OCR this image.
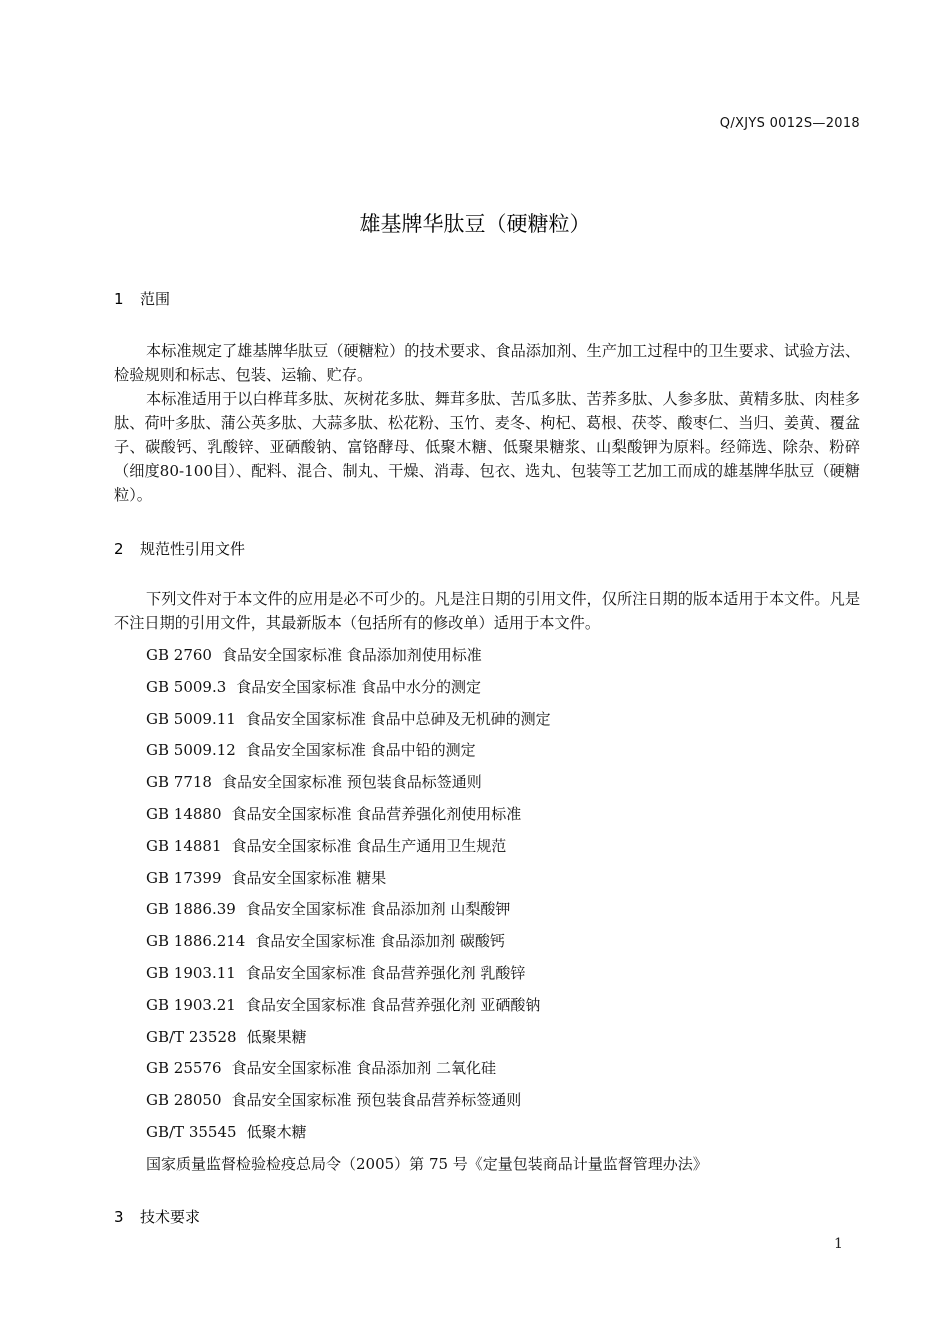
Q/XJYS 0012S—2018
雄基牌华肽豆（硬糖粒）
1 范围

本标准规定了雄基牌华肽豆（硬糖粒）的技术要求、食品添加剂、生产加工过程中的卫生要求、试验方法、检验规则和标志、包装、运输、贮存。

本标准适用于以白桦茸多肽、灰树花多肽、舞茸多肽、苦瓜多肽、苦荞多肽、人参多肽、黄精多肽、肉桂多肽、荷叶多肽、蒲公英多肽、大蒜多肽、松花粉、玉竹、麦冬、枸杞、葛根、茯苓、酸枣仁、当归、姜黄、覆盆子、碳酸钙、乳酸锌、亚硒酸钠、富铬酵母、低聚木糖、低聚果糖浆、山梨酸钾为原料。经筛选、除杂、粉碎（细度80-100目）、配料、混合、制丸、干燥、消毒、包衣、选丸、包装等工艺加工而成的雄基牌华肽豆（硬糖粒）。

2 规范性引用文件

下列文件对于本文件的应用是必不可少的。凡是注日期的引用文件，仅所注日期的版本适用于本文件。凡是不注日期的引用文件，其最新版本（包括所有的修改单）适用于本文件。

GB 2760 食品安全国家标准 食品添加剂使用标准
GB 5009.3 食品安全国家标准 食品中水分的测定
GB 5009.11 食品安全国家标准 食品中总砷及无机砷的测定
GB 5009.12 食品安全国家标准 食品中铅的测定
GB 7718 食品安全国家标准 预包装食品标签通则
GB 14880 食品安全国家标准 食品营养强化剂使用标准
GB 14881 食品安全国家标准 食品生产通用卫生规范
GB 17399 食品安全国家标准 糖果
GB 1886.39 食品安全国家标准 食品添加剂 山梨酸钾
GB 1886.214 食品安全国家标准 食品添加剂 碳酸钙
GB 1903.11 食品安全国家标准 食品营养强化剂 乳酸锌
GB 1903.21 食品安全国家标准 食品营养强化剂 亚硒酸钠
GB/T 23528 低聚果糖
GB 25576 食品安全国家标准 食品添加剂 二氧化硅
GB 28050 食品安全国家标准 预包装食品营养标签通则
GB/T 35545 低聚木糖
国家质量监督检验检疫总局令（2005）第 75 号《定量包装商品计量监督管理办法》
3 技术要求
1
